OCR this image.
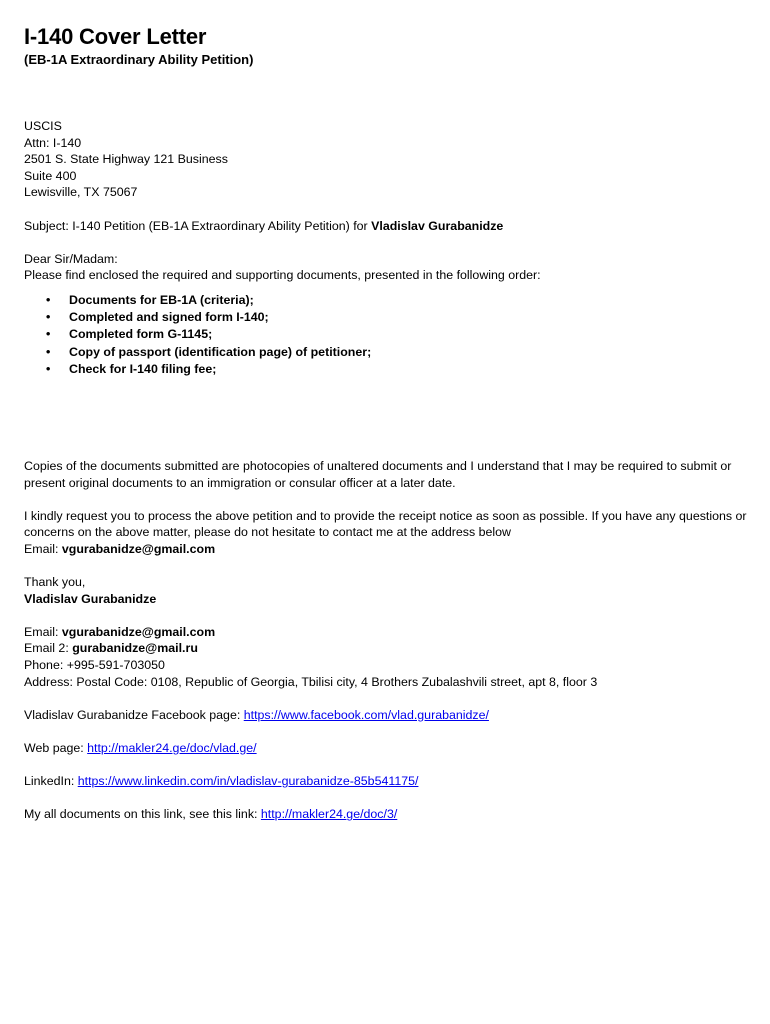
I-140 Cover Letter

(EB-1A Extraordinary Ability Petition)

USCIS

Attn: I-140

2501 S. State Highway 121 Business

Suite 400

Lewisville, TX 75067

Subject: I-140 Petition (EB-1A Extraordinary Ability Petition) for Vladislav Gurabanidze

Dear Sir/Madam:

Please find enclosed the required and supporting documents, presented in the following order:

• Documents for EB-1A (criteria);
• Completed and signed form I-140;
• Completed form G-1145;
• Copy of passport (identification page) of petitioner;
• Check for I-140 filing fee;

Copies of the documents submitted are photocopies of unaltered documents and I understand that I may be required to submit or present original documents to an immigration or consular officer at a later date.

I kindly request you to process the above petition and to provide the receipt notice as soon as possible. If you have any questions or concerns on the above matter, please do not hesitate to contact me at the address below

Email: vgurabanidze@gmail.com

Thank you,

Vladislav Gurabanidze

Email: vgurabanidze@gmail.com

Email 2: gurabanidze@mail.ru

Phone: +995-591-703050

Address: Postal Code: 0108, Republic of Georgia, Tbilisi city, 4 Brothers Zubalashvili street, apt 8, floor 3

Vladislav Gurabanidze Facebook page: https://www.facebook.com/vlad.gurabanidze/

Web page: http://makler24.ge/doc/vlad.ge/

LinkedIn: https://www.linkedin.com/in/vladislav-gurabanidze-85b541175/

My all documents on this link, see this link: http://makler24.ge/doc/3/
